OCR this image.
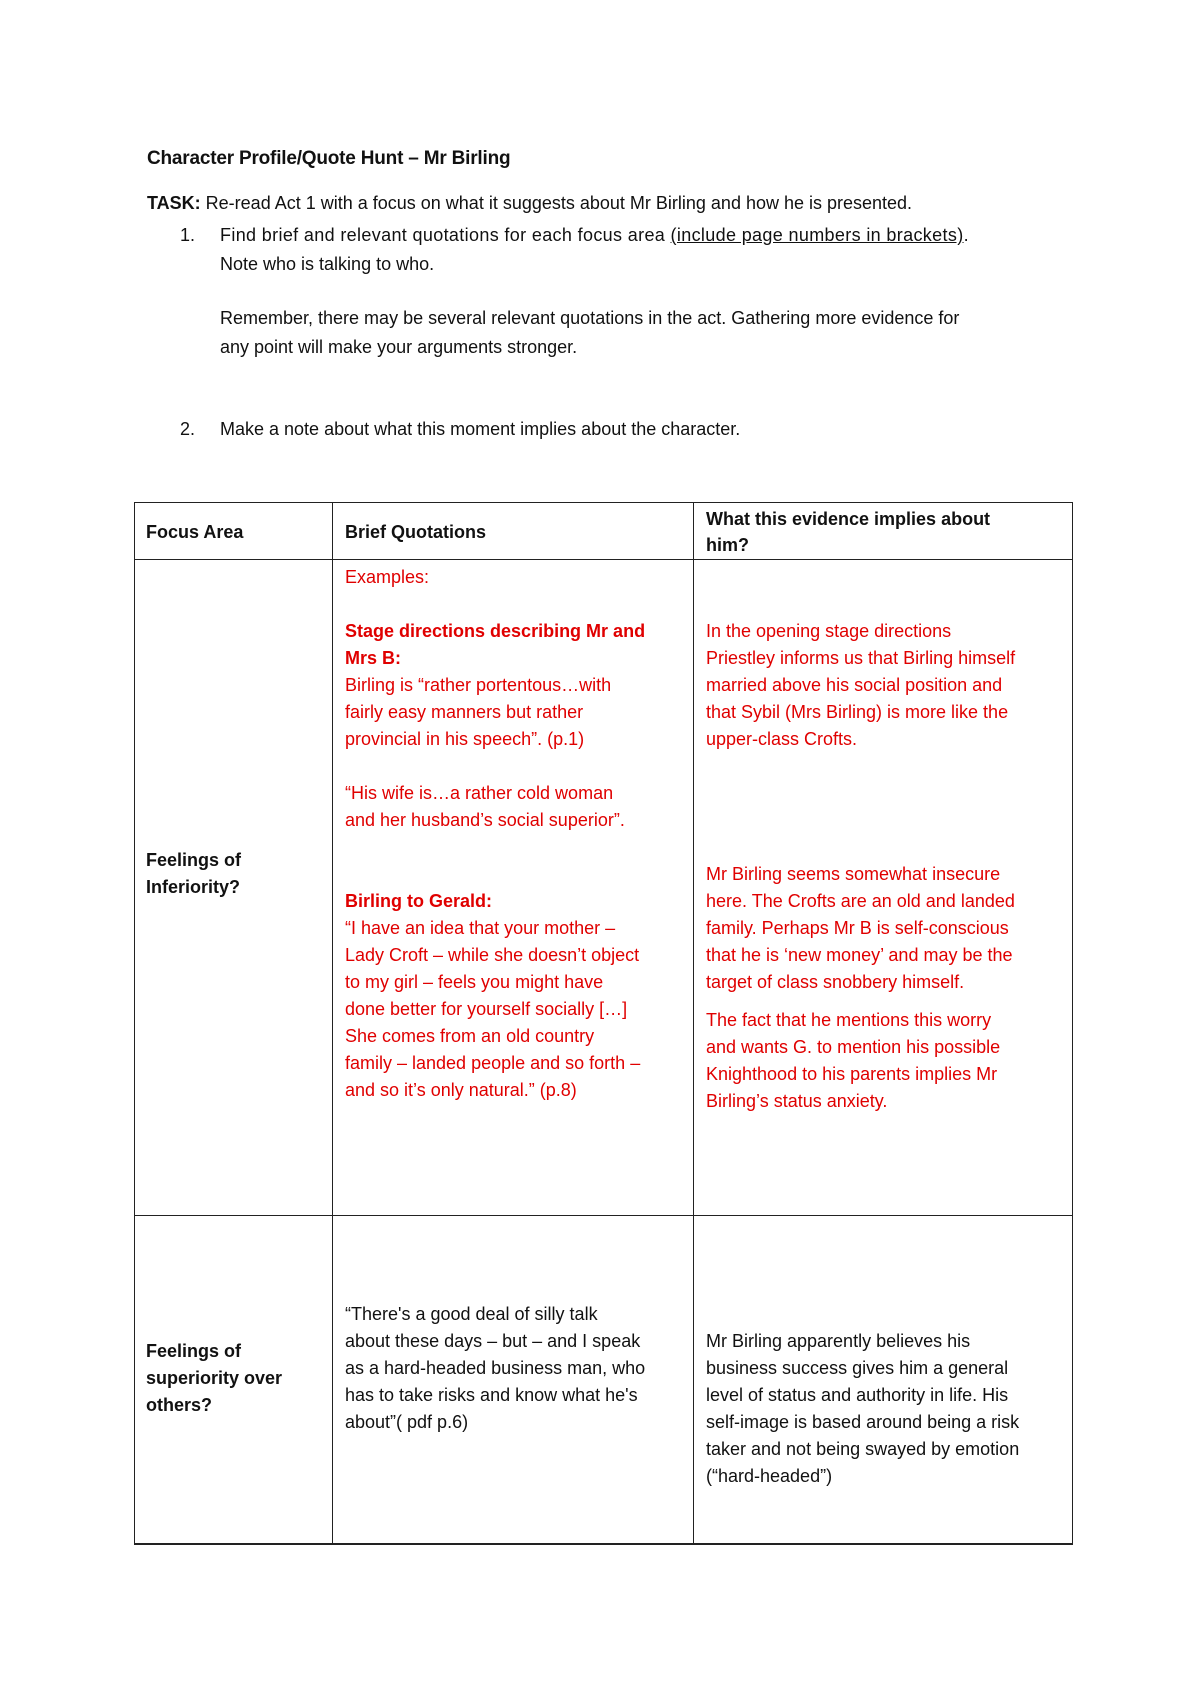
Character Profile/Quote Hunt – Mr Birling
TASK: Re-read Act 1 with a focus on what it suggests about Mr Birling and how he is presented.
1. Find brief and relevant quotations for each focus area (include page numbers in brackets).
Note who is talking to who.
Remember, there may be several relevant quotations in the act. Gathering more evidence for
any point will make your arguments stronger.
2. Make a note about what this moment implies about the character.
Focus Area	Brief Quotations
What this evidence implies about
him?
Feelings of
Inferiority?
Examples:
Stage directions describing Mr and
Mrs B:
Birling is “rather portentous…with
fairly easy manners but rather
provincial in his speech”. (p.1)
“His wife is…a rather cold woman
and her husband’s social superior”.
Birling to Gerald:
“I have an idea that your mother –
Lady Croft – while she doesn’t object
to my girl – feels you might have
done better for yourself socially […]
She comes from an old country
family – landed people and so forth –
and so it’s only natural.” (p.8)
In the opening stage directions
Priestley informs us that Birling himself
married above his social position and
that Sybil (Mrs Birling) is more like the
upper-class Crofts.
Mr Birling seems somewhat insecure
here. The Crofts are an old and landed
family. Perhaps Mr B is self-conscious
that he is ‘new money’ and may be the
target of class snobbery himself.
The fact that he mentions this worry
and wants G. to mention his possible
Knighthood to his parents implies Mr
Birling’s status anxiety.
Feelings of
superiority over
others?
“There's a good deal of silly talk
about these days – but – and I speak
as a hard-headed business man, who
has to take risks and know what he's
about”( pdf p.6)
Mr Birling apparently believes his
business success gives him a general
level of status and authority in life. His
self-image is based around being a risk
taker and not being swayed by emotion
(“hard-headed”)
